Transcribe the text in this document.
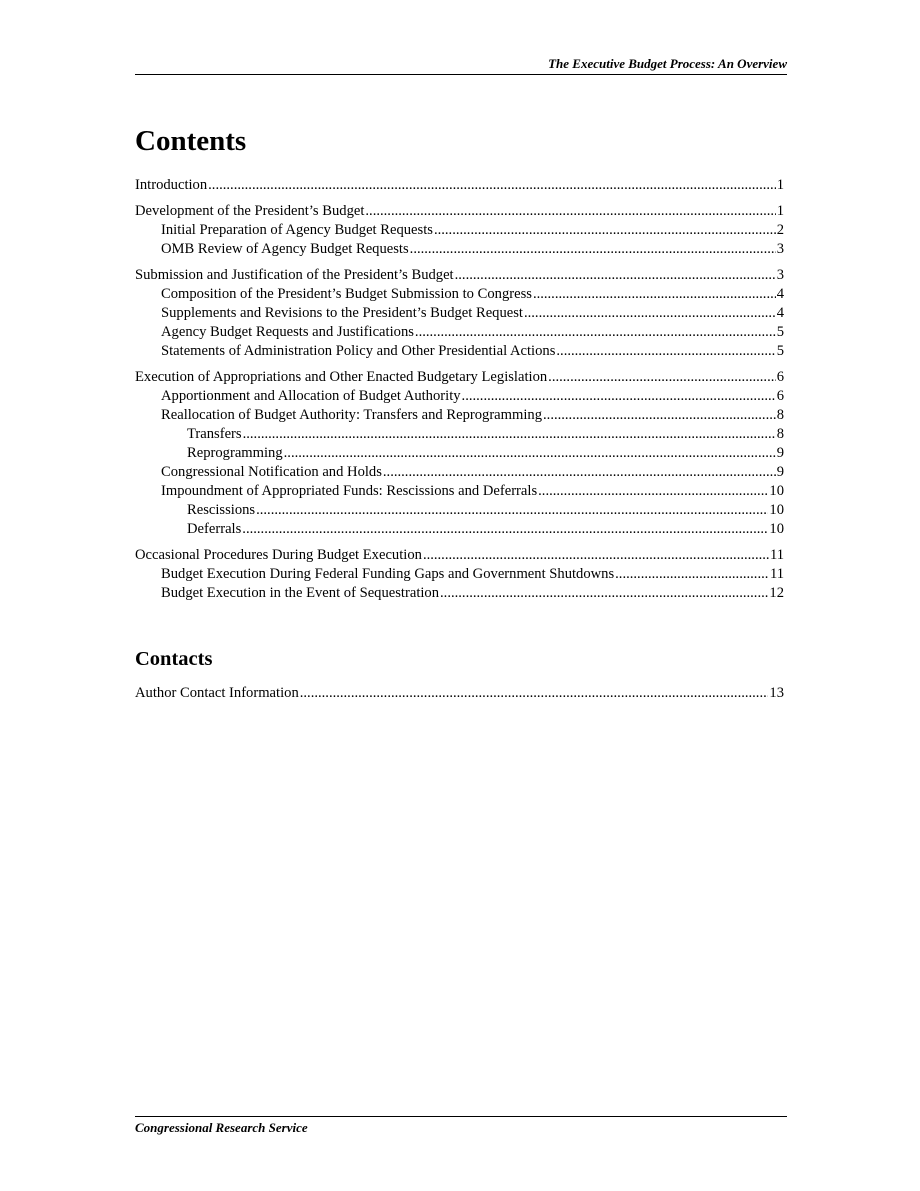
The Executive Budget Process: An Overview
Contents
Introduction .....	1
Development of the President’s Budget .....	1
Initial Preparation of Agency Budget Requests .....	2
OMB Review of Agency Budget Requests .....	3
Submission and Justification of the President’s Budget .....	3
Composition of the President’s Budget Submission to Congress .....	4
Supplements and Revisions to the President’s Budget Request .....	4
Agency Budget Requests and Justifications .....	5
Statements of Administration Policy and Other Presidential Actions .....	5
Execution of Appropriations and Other Enacted Budgetary Legislation .....	6
Apportionment and Allocation of Budget Authority .....	6
Reallocation of Budget Authority: Transfers and Reprogramming .....	8
Transfers .....	8
Reprogramming .....	9
Congressional Notification and Holds .....	9
Impoundment of Appropriated Funds: Rescissions and Deferrals .....	10
Rescissions .....	10
Deferrals .....	10
Occasional Procedures During Budget Execution .....	11
Budget Execution During Federal Funding Gaps and Government Shutdowns .....	11
Budget Execution in the Event of Sequestration .....	12
Contacts
Author Contact Information .....	13
Congressional Research Service
